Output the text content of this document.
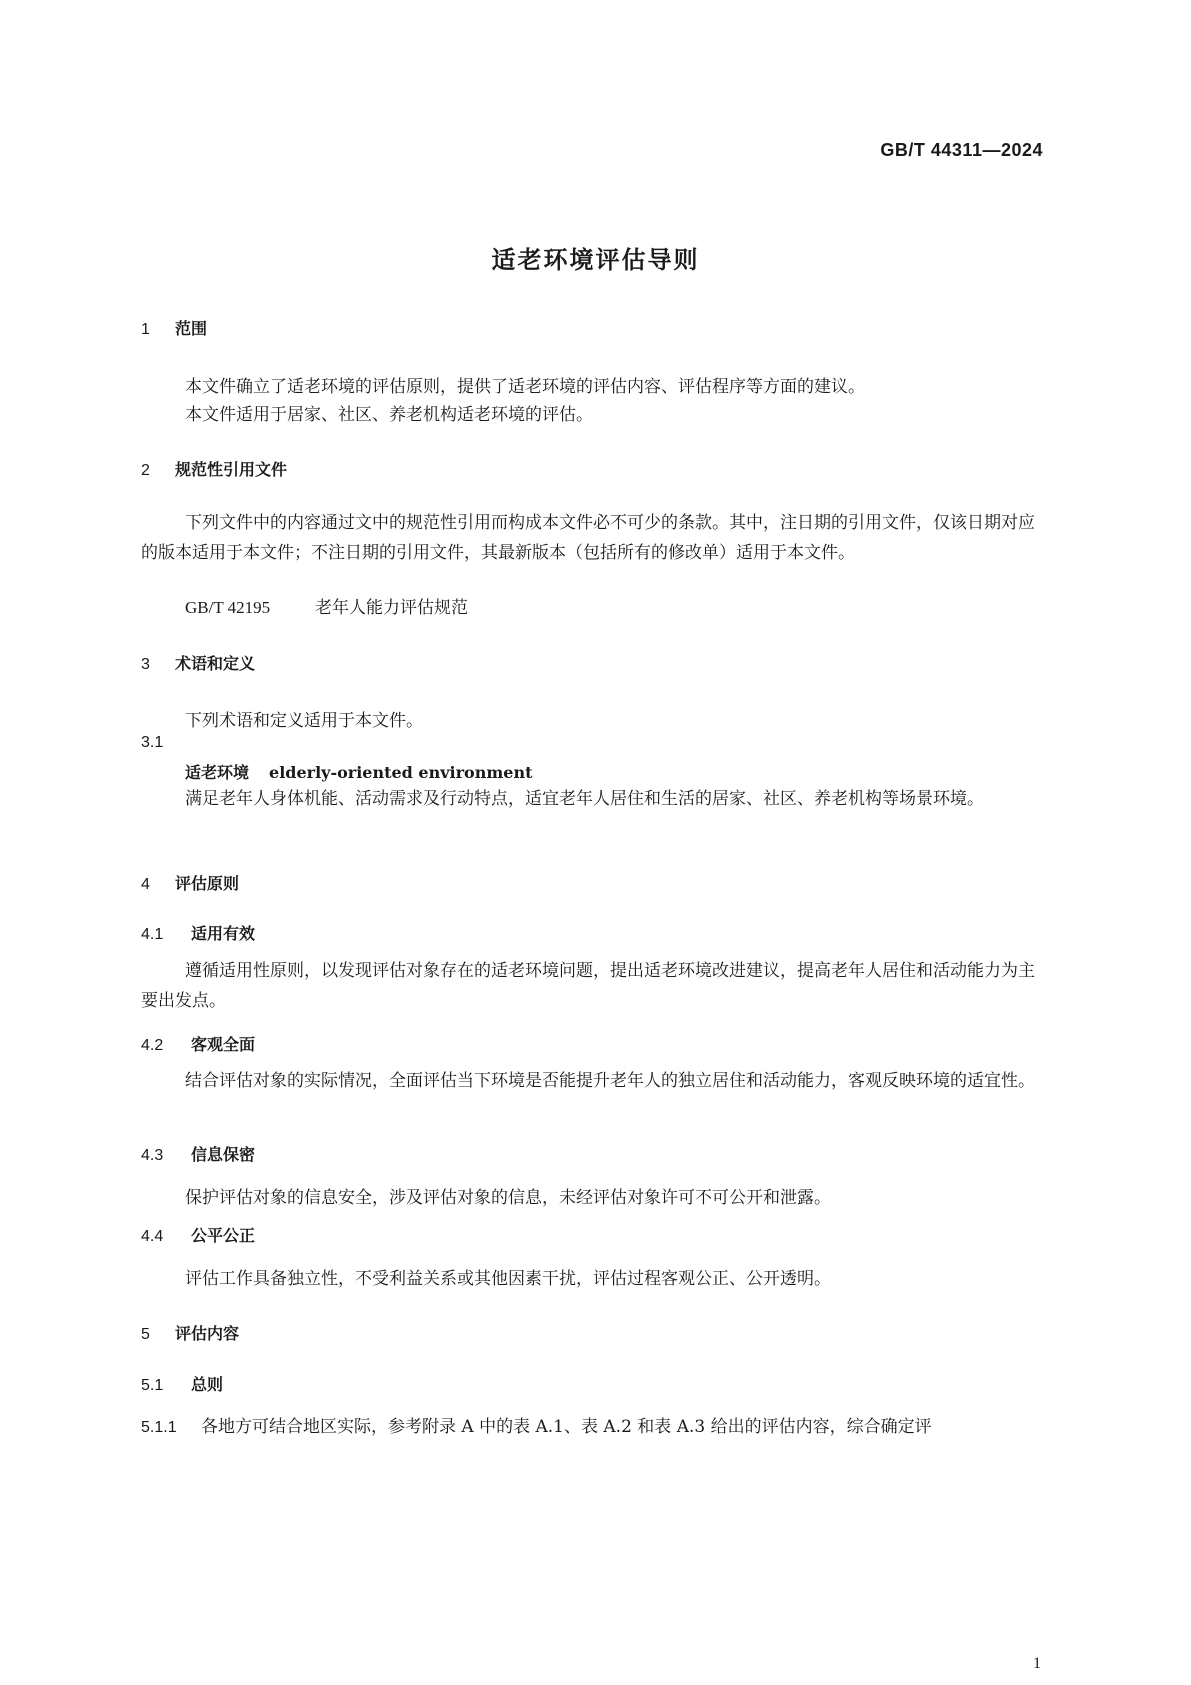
GB/T 44311—2024
适老环境评估导则
1 范围
本文件确立了适老环境的评估原则，提供了适老环境的评估内容、评估程序等方面的建议。
本文件适用于居家、社区、养老机构适老环境的评估。
2 规范性引用文件
下列文件中的内容通过文中的规范性引用而构成本文件必不可少的条款。其中，注日期的引用文件，仅该日期对应的版本适用于本文件；不注日期的引用文件，其最新版本（包括所有的修改单）适用于本文件。
GB/T 42195	老年人能力评估规范
3 术语和定义
下列术语和定义适用于本文件。
3.1
适老环境 elderly-oriented environment
满足老年人身体机能、活动需求及行动特点，适宜老年人居住和生活的居家、社区、养老机构等场景环境。
4 评估原则
4.1 适用有效
遵循适用性原则，以发现评估对象存在的适老环境问题，提出适老环境改进建议，提高老年人居住和活动能力为主要出发点。
4.2 客观全面
结合评估对象的实际情况，全面评估当下环境是否能提升老年人的独立居住和活动能力，客观反映环境的适宜性。
4.3 信息保密
保护评估对象的信息安全，涉及评估对象的信息，未经评估对象许可不可公开和泄露。
4.4 公平公正
评估工作具备独立性，不受利益关系或其他因素干扰，评估过程客观公正、公开透明。
5 评估内容
5.1 总则
5.1.1 各地方可结合地区实际，参考附录 A 中的表 A.1、表 A.2 和表 A.3 给出的评估内容，综合确定评
1
